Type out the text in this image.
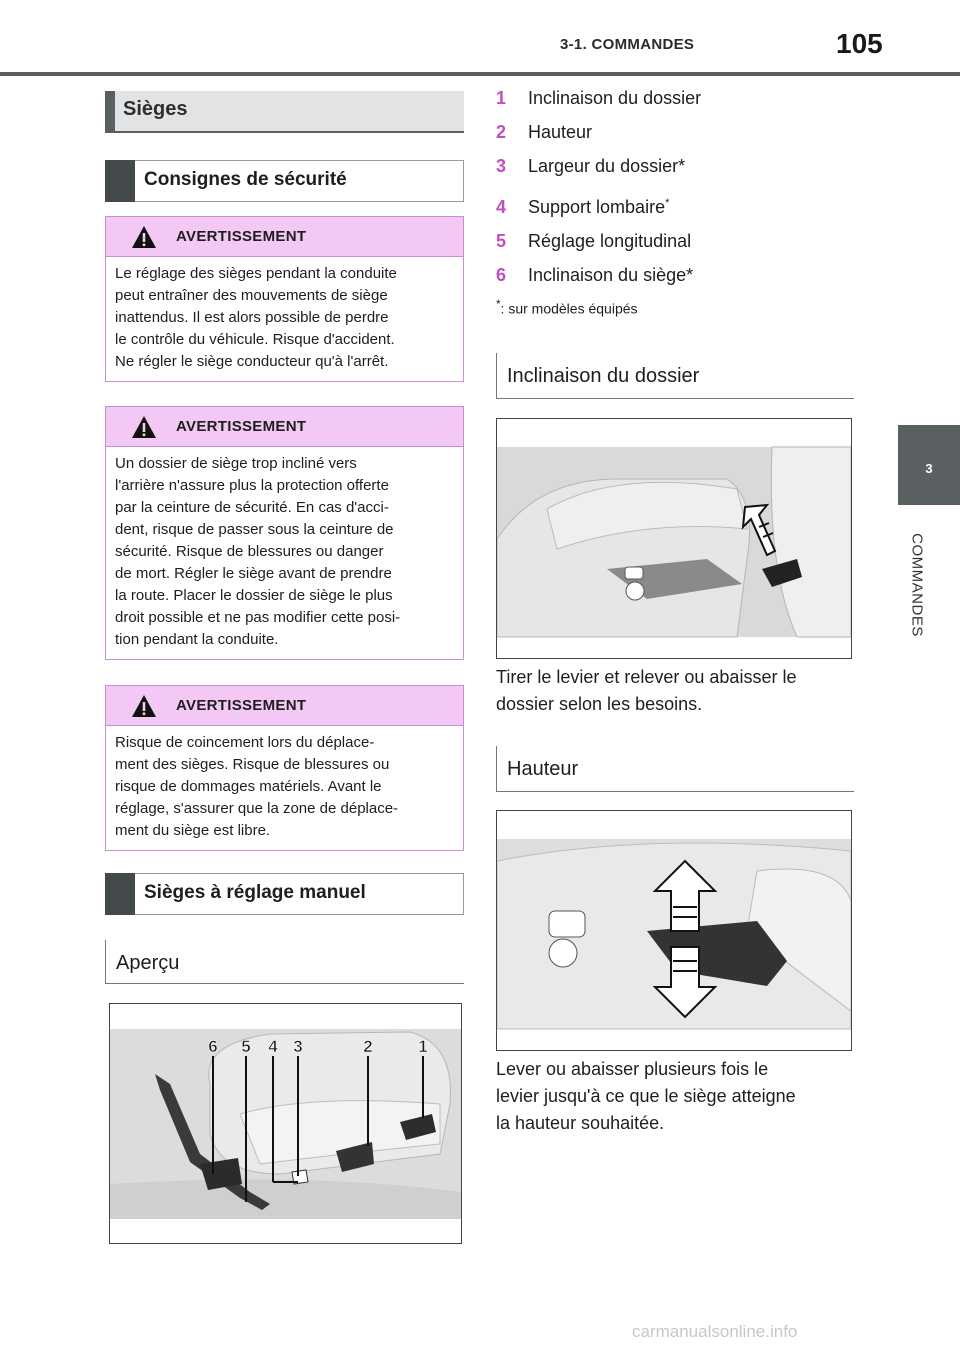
3-1. COMMANDES	105
3
COMMANDES
Sièges
Consignes de sécurité
AVERTISSEMENT
Le réglage des sièges pendant la conduite
peut entraîner des mouvements de siège
inattendus. Il est alors possible de perdre
le contrôle du véhicule. Risque d'accident.
Ne régler le siège conducteur qu'à l'arrêt.
AVERTISSEMENT
Un dossier de siège trop incliné vers
l'arrière n'assure plus la protection offerte
par la ceinture de sécurité. En cas d'acci-
dent, risque de passer sous la ceinture de
sécurité. Risque de blessures ou danger
de mort. Régler le siège avant de prendre
la route. Placer le dossier de siège le plus
droit possible et ne pas modifier cette posi-
tion pendant la conduite.
AVERTISSEMENT
Risque de coincement lors du déplace-
ment des sièges. Risque de blessures ou
risque de dommages matériels. Avant le
réglage, s'assurer que la zone de déplace-
ment du siège est libre.
Sièges à réglage manuel
Aperçu
6 5 4 3	2	1
1 Inclinaison du dossier
2 Hauteur
3 Largeur du dossier*
4 Support lombaire*
5 Réglage longitudinal
6 Inclinaison du siège*
*: sur modèles équipés
Inclinaison du dossier
Tirer le levier et relever ou abaisser le
dossier selon les besoins.
Hauteur
Lever ou abaisser plusieurs fois le
levier jusqu'à ce que le siège atteigne
la hauteur souhaitée.
carmanualsonline.info
